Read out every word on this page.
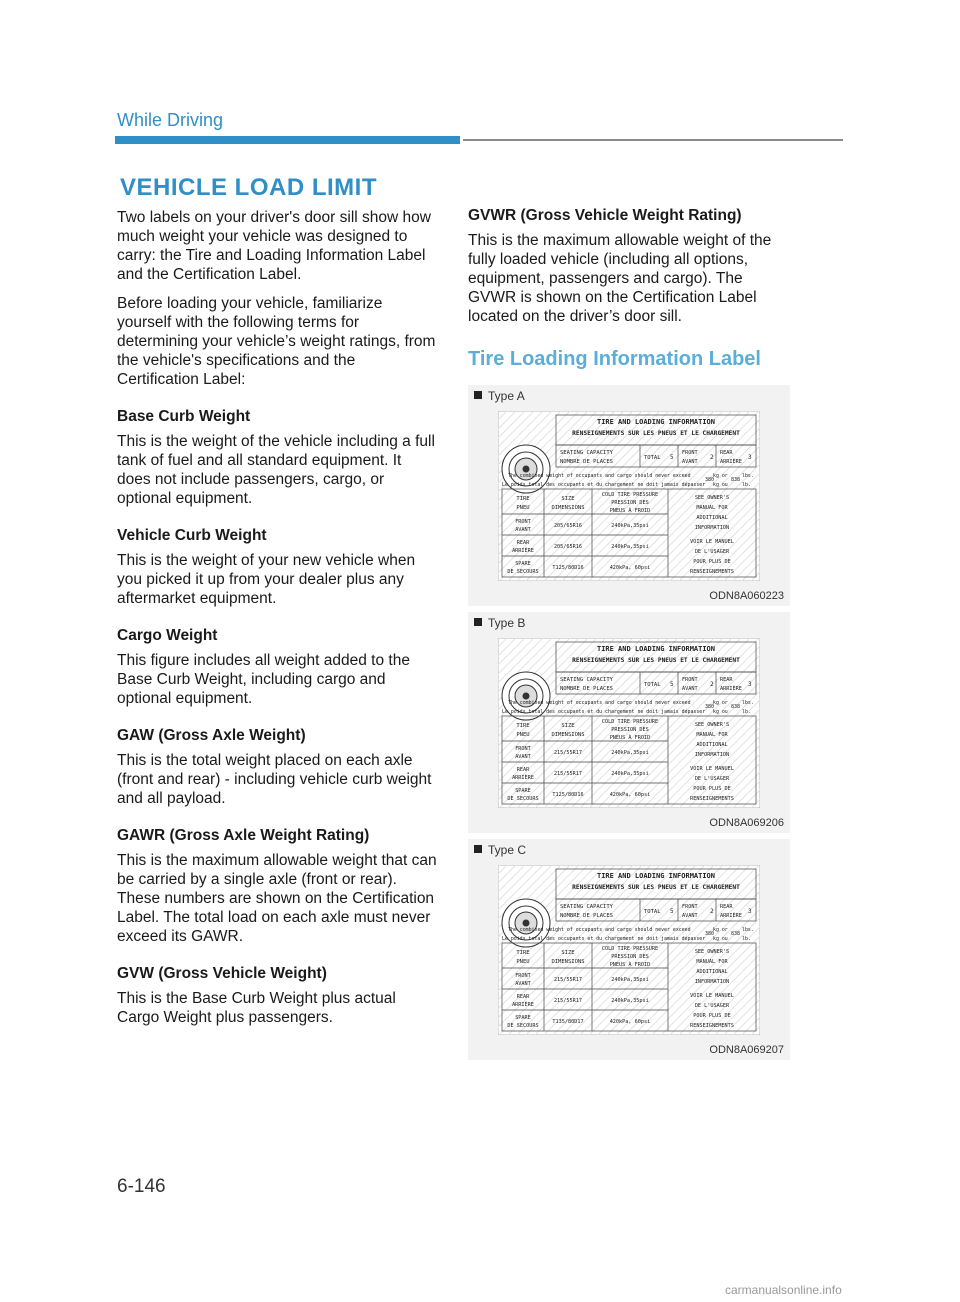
While Driving
VEHICLE LOAD LIMIT

Two labels on your driver's door sill show how much weight your vehicle was designed to carry: the Tire and Loading Information Label and the Certification Label.

Before loading your vehicle, familiarize yourself with the following terms for determining your vehicle’s weight ratings, from the vehicle's specifications and the Certification Label:

Base Curb Weight

This is the weight of the vehicle including a full tank of fuel and all standard equipment. It does not include passengers, cargo, or optional equipment.

Vehicle Curb Weight

This is the weight of your new vehicle when you picked it up from your dealer plus any aftermarket equipment.

Cargo Weight

This figure includes all weight added to the Base Curb Weight, including cargo and optional equipment.

GAW (Gross Axle Weight)

This is the total weight placed on each axle (front and rear) - including vehicle curb weight and all payload.

GAWR (Gross Axle Weight Rating)

This is the maximum allowable weight that can be carried by a single axle (front or rear). These numbers are shown on the Certification Label. The total load on each axle must never exceed its GAWR.

GVW (Gross Vehicle Weight)

This is the Base Curb Weight plus actual Cargo Weight plus passengers.

GVWR (Gross Vehicle Weight Rating)

This is the maximum allowable weight of the fully loaded vehicle (including all options, equipment, passengers and cargo). The GVWR is shown on the Certification Label located on the driver’s door sill.

Tire Loading Information Label
Type A
TIRE AND LOADING INFORMATION
RENSEIGNEMENTS SUR LES PNEUS ET LE CHARGEMENT
SEATING CAPACITY
NOMBRE DE PLACES
TOTAL 5
FRONT
AVANT
2
REAR
ARRIÈRE
3
The combined weight of occupants and cargo should never exceed
Le poids total des occupants et du chargement ne doit jamais dépasser
380
kg or
kg ou
838
lbs.
lb.
TIRE
PNEU
SIZE
DIMENSIONS
COLD TIRE PRESSURE
PRESSION DES
PNEUS À FROID
FRONT
AVANT
REAR
ARRIÈRE
SPARE
DE SECOURS
205/65R16
205/65R16
T125/80D16
240kPa,35psi
240kPa,35psi
420kPa, 60psi
SEE OWNER'S
MANUAL FOR
ADDITIONAL
INFORMATION
VOIR LE MANUEL
DE L'USAGER
POUR PLUS DE
RENSEIGNEMENTS
ODN8A060223
Type B
TIRE AND LOADING INFORMATION
RENSEIGNEMENTS SUR LES PNEUS ET LE CHARGEMENT
SEATING CAPACITY
NOMBRE DE PLACES
TOTAL 5
FRONT
AVANT
2
REAR
ARRIÈRE
3
The combined weight of occupants and cargo should never exceed
Le poids total des occupants et du chargement ne doit jamais dépasser
380
kg or
kg ou
838
lbs.
lb.
TIRE
PNEU
SIZE
DIMENSIONS
COLD TIRE PRESSURE
PRESSION DES
PNEUS À FROID
FRONT
AVANT
REAR
ARRIÈRE
SPARE
DE SECOURS
215/55R17
215/55R17
T125/80D16
240kPa,35psi
240kPa,35psi
420kPa, 60psi
SEE OWNER'S
MANUAL FOR
ADDITIONAL
INFORMATION
VOIR LE MANUEL
DE L'USAGER
POUR PLUS DE
RENSEIGNEMENTS
ODN8A069206
Type C
TIRE AND LOADING INFORMATION
RENSEIGNEMENTS SUR LES PNEUS ET LE CHARGEMENT
SEATING CAPACITY
NOMBRE DE PLACES
TOTAL 5
FRONT
AVANT
2
REAR
ARRIÈRE
3
The combined weight of occupants and cargo should never exceed
Le poids total des occupants et du chargement ne doit jamais dépasser
380
kg or
kg ou
838
lbs.
lb.
TIRE
PNEU
SIZE
DIMENSIONS
COLD TIRE PRESSURE
PRESSION DES
PNEUS À FROID
FRONT
AVANT
REAR
ARRIÈRE
SPARE
DE SECOURS
215/55R17
215/55R17
T135/80D17
240kPa,35psi
240kPa,35psi
420kPa, 60psi
SEE OWNER'S
MANUAL FOR
ADDITIONAL
INFORMATION
VOIR LE MANUEL
DE L'USAGER
POUR PLUS DE
RENSEIGNEMENTS
ODN8A069207
6-146
carmanualsonline.info
